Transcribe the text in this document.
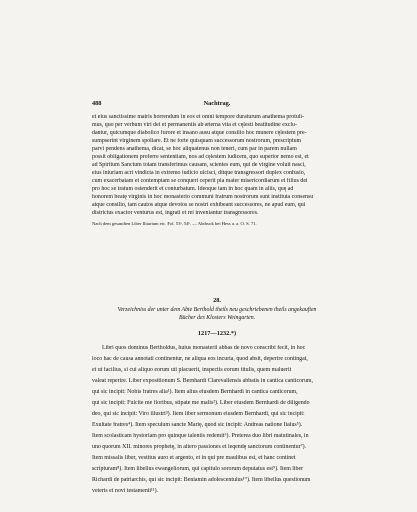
488	Nachtrag.
et eius sanctissime matris horrendum in eos et omni tempore duraturum anathema protuli-
mus, quo per verbum viri dei et permanentis ab æterna vita et cęlesti beatitudine exclu-
dantur, quicumque diabolico furore et insano ausu atque consilio hoc munere cęlestem pre-
sumpserint virginem spoliare. Et ne forte quisquam successorum nostrorum, prescriptum
parvi pendens anathema, dicat, se hoc aliquatenus non teneri, cum par in parem nullam
possit obligationem proferre sententiam, nos ad cęlestem iudicem, quo superior nemo est, et
ad Spiritum Sanctum totam transferimus causam, scientes eum, qui de virgine voluit nasci,
eius iniuriam acri vindicta in extremo iudicio ulcisci, ditque transgressori duplex confusio,
cum exacerbatam et contemptam se conqueri ceperit pia mater misericordiarum et filius dei
pro hoc se iratum ostenderit et conturbatum. Ideoque tam in hoc quam in aliis, quę ad
honorem beatę virginis in hoc monasterio communi fratrum nostrorum sunt instituta consensu
atque consilio, tam cautos atque devotos se nostri exhibeant successores, ne apud eum, qui
districtus exactor venturus est, ingrati et rei inveniantur transgressores.
Nach dem gesandten Liber Ilitarium etc. Fol. 53ᵃ, 54ᵇ. — Abdruck bei Hess a. a. O. S. 71.
28.
Verzeichniss der unter dem Abte Berthold theils neu geschriebenen theils angekauften
Bücher des Klosters Weingarten.
1217—1232.*)
Libri quos dominus Bertholdus, huius monasterii abbas de novo conscribi fecit, in hoc
loco hac de causa annotati continentur, ne aliqua eos incuria, quod absit, deperire contingat,
et ut facilius, si cui aliquo eorum uti placuerit, inspectis eorum titulis, quem maluerit
valeat reperire. Liber expositionum S. Bernhardi Clarevallensis abbatis in cantica canticorum,
qui sic incipit: Nobis fratres alia¹). Item alius eiusdem Bernhardi in cantica canticorum,
qui sic incipit: Fulcite me floribus, stipate me malis²). Liber eiusdem Bernhardi de diligendo
deo, qui sic incipit: Viro illustri³). Item liber sermonum eiusdem Bernhardi, qui sic incipit:
Exultate fratres⁴). Item speculum sancte Marię, quod sic incipit: Andreas natione Italus⁵).
Item scolasticam hystoriam pro quinque talentis redemit⁶). Preterea duo libri matutinales, in
uno quorum XII. minores prophetę, in altero passiones et leqendę sanctorum continentur⁷).
Item missalis liber, vestitus auro et argento, et in qui pre maulibus est, et hanc continet
scripturam⁸). Item libellus ewangeliorum, qui capitulo sororum deputatus est⁹). Item liber
Richardi de patriarchis, qui sic incipit: Beniamin adolescentulus¹⁰). Item libellus questionum
veteris et novi testamenti¹¹).
